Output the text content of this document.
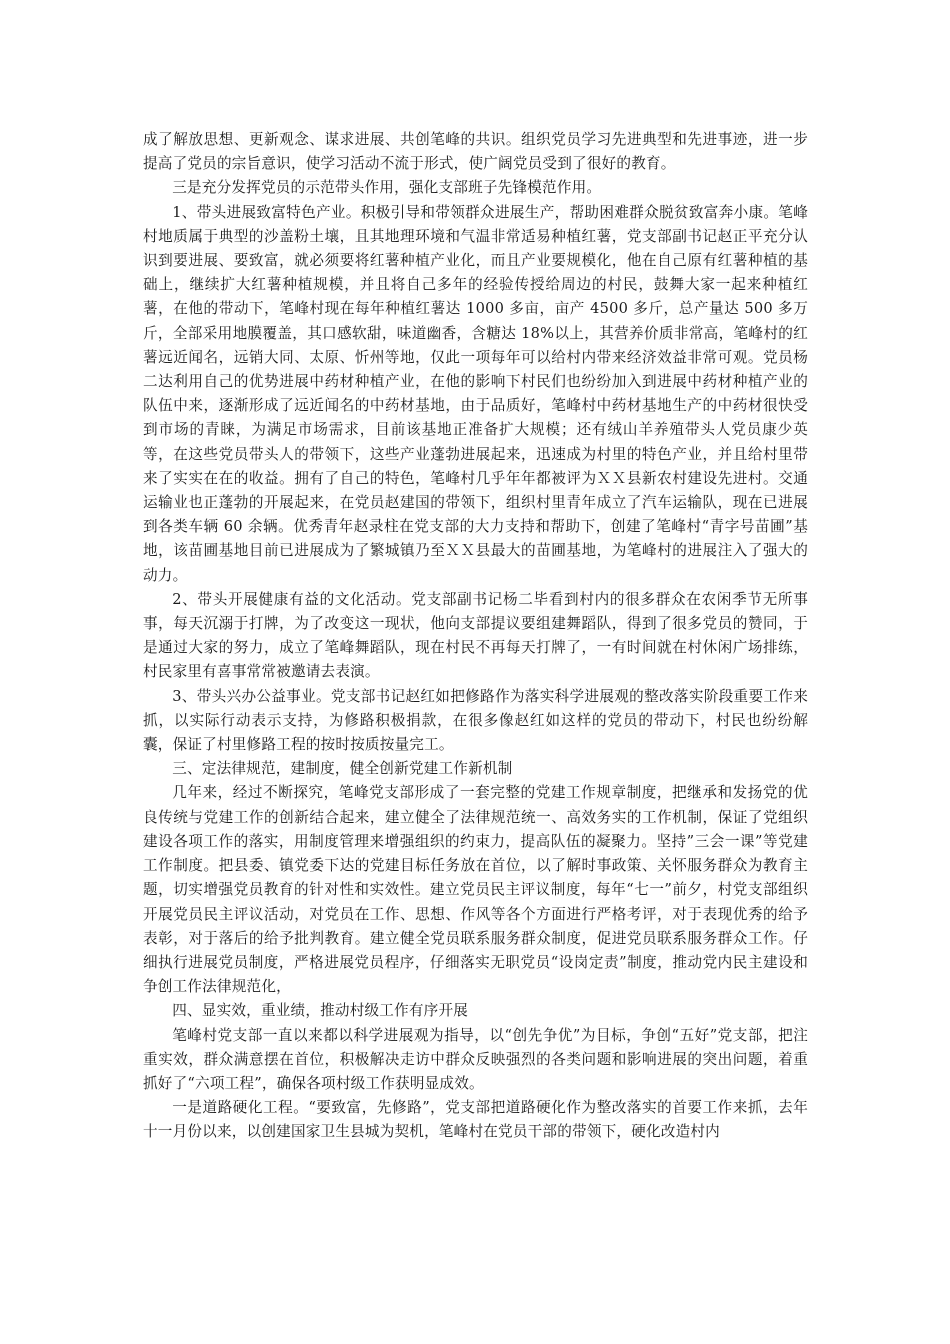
成了解放思想、更新观念、谋求进展、共创笔峰的共识。组织党员学习先进典型和先进事迹，进一步提高了党员的宗旨意识，使学习活动不流于形式，使广阔党员受到了很好的教育。

三是充分发挥党员的示范带头作用，强化支部班子先锋模范作用。

1、带头进展致富特色产业。积极引导和带领群众进展生产，帮助困难群众脱贫致富奔小康。笔峰村地质属于典型的沙盖粉土壤，且其地理环境和气温非常适易种植红薯，党支部副书记赵正平充分认识到要进展、要致富，就必须要将红薯种植产业化，而且产业要规模化，他在自己原有红薯种植的基础上，继续扩大红薯种植规模，并且将自己多年的经验传授给周边的村民，鼓舞大家一起来种植红薯，在他的带动下，笔峰村现在每年种植红薯达 1000 多亩，亩产 4500 多斤，总产量达 500 多万斤，全部采用地膜覆盖，其口感软甜，味道幽香，含糖达 18%以上，其营养价质非常高，笔峰村的红薯远近闻名，远销大同、太原、忻州等地，仅此一项每年可以给村内带来经济效益非常可观。党员杨二达利用自己的优势进展中药材种植产业，在他的影响下村民们也纷纷加入到进展中药材种植产业的队伍中来，逐渐形成了远近闻名的中药材基地，由于品质好，笔峰村中药材基地生产的中药材很快受到市场的青睐，为满足市场需求，目前该基地正准备扩大规模；还有绒山羊养殖带头人党员康少英等，在这些党员带头人的带领下，这些产业蓬勃进展起来，迅速成为村里的特色产业，并且给村里带来了实实在在的收益。拥有了自己的特色，笔峰村几乎年年都被评为ＸＸ县新农村建设先进村。交通运输业也正蓬勃的开展起来，在党员赵建国的带领下，组织村里青年成立了汽车运输队，现在已进展到各类车辆 60 余辆。优秀青年赵录柱在党支部的大力支持和帮助下，创建了笔峰村“青字号苗圃”基地，该苗圃基地目前已进展成为了繁城镇乃至ＸＸ县最大的苗圃基地，为笔峰村的进展注入了强大的动力。

2、带头开展健康有益的文化活动。党支部副书记杨二毕看到村内的很多群众在农闲季节无所事事，每天沉溺于打牌，为了改变这一现状，他向支部提议要组建舞蹈队，得到了很多党员的赞同，于是通过大家的努力，成立了笔峰舞蹈队，现在村民不再每天打牌了，一有时间就在村休闲广场排练，村民家里有喜事常常被邀请去表演。

3、带头兴办公益事业。党支部书记赵红如把修路作为落实科学进展观的整改落实阶段重要工作来抓，以实际行动表示支持，为修路积极捐款，在很多像赵红如这样的党员的带动下，村民也纷纷解囊，保证了村里修路工程的按时按质按量完工。

三、定法律规范，建制度，健全创新党建工作新机制

几年来，经过不断探究，笔峰党支部形成了一套完整的党建工作规章制度，把继承和发扬党的优良传统与党建工作的创新结合起来，建立健全了法律规范统一、高效务实的工作机制，保证了党组织建设各项工作的落实，用制度管理来增强组织的约束力，提高队伍的凝聚力。坚持”三会一课”等党建工作制度。把县委、镇党委下达的党建目标任务放在首位，以了解时事政策、关怀服务群众为教育主题，切实增强党员教育的针对性和实效性。建立党员民主评议制度，每年“七一”前夕，村党支部组织开展党员民主评议活动，对党员在工作、思想、作风等各个方面进行严格考评，对于表现优秀的给予表彰，对于落后的给予批判教育。建立健全党员联系服务群众制度，促进党员联系服务群众工作。仔细执行进展党员制度，严格进展党员程序，仔细落实无职党员“设岗定责”制度，推动党内民主建设和争创工作法律规范化，

四、显实效，重业绩，推动村级工作有序开展

笔峰村党支部一直以来都以科学进展观为指导，以“创先争优”为目标，争创“五好”党支部，把注重实效，群众满意摆在首位，积极解决走访中群众反映强烈的各类问题和影响进展的突出问题，着重抓好了“六项工程”，确保各项村级工作获明显成效。

一是道路硬化工程。“要致富，先修路”，党支部把道路硬化作为整改落实的首要工作来抓，去年十一月份以来，以创建国家卫生县城为契机，笔峰村在党员干部的带领下，硬化改造村内
